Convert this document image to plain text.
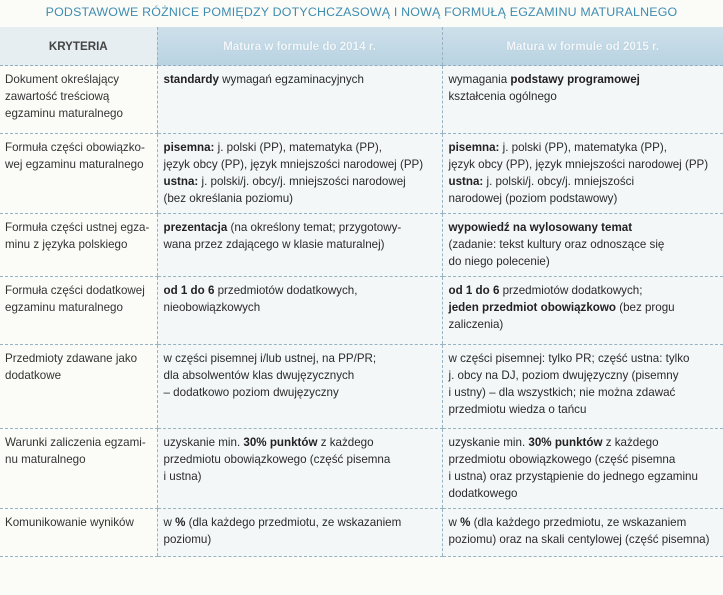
PODSTAWOWE RÓŻNICE POMIĘDZY DOTYCHCZASOWĄ I NOWĄ FORMUŁĄ EGZAMINU MATURALNEGO
KRYTERIA	Matura w formule do 2014 r.	Matura w formule od 2015 r.

Dokument określający
zawartość treściową
egzaminu maturalnego	standardy wymagań egzaminacyjnych	wymagania podstawy programowej
kształcenia ogólnego

Formuła części obowiązko-
wej egzaminu maturalnego	pisemna: j. polski (PP), matematyka (PP),
język obcy (PP), język mniejszości narodowej (PP)
ustna: j. polski/j. obcy/j. mniejszości narodowej
(bez określania poziomu)	pisemna: j. polski (PP), matematyka (PP),
język obcy (PP), język mniejszości narodowej (PP)
ustna: j. polski/j. obcy/j. mniejszości
narodowej (poziom podstawowy)

Formuła części ustnej egza-
minu z języka polskiego	prezentacja (na określony temat; przygotowy-
wana przez zdającego w klasie maturalnej)	wypowiedź na wylosowany temat
(zadanie: tekst kultury oraz odnoszące się
do niego polecenie)

Formuła części dodatkowej
egzaminu maturalnego	od 1 do 6 przedmiotów dodatkowych,
nieobowiązkowych	od 1 do 6 przedmiotów dodatkowych;
jeden przedmiot obowiązkowo (bez progu
zaliczenia)

Przedmioty zdawane jako
dodatkowe	w części pisemnej i/lub ustnej, na PP/PR;
dla absolwentów klas dwujęzycznych
– dodatkowo poziom dwujęzyczny	w części pisemnej: tylko PR; część ustna: tylko
j. obcy na DJ, poziom dwujęzyczny (pisemny
i ustny) – dla wszystkich; nie można zdawać
przedmiotu wiedza o tańcu

Warunki zaliczenia egzami-
nu maturalnego	uzyskanie min. 30% punktów z każdego
przedmiotu obowiązkowego (część pisemna
i ustna)	uzyskanie min. 30% punktów z każdego
przedmiotu obowiązkowego (część pisemna
i ustna) oraz przystąpienie do jednego egzaminu
dodatkowego

Komunikowanie wyników	w % (dla każdego przedmiotu, ze wskazaniem
poziomu)	w % (dla każdego przedmiotu, ze wskazaniem
poziomu) oraz na skali centylowej (część pisemna)
